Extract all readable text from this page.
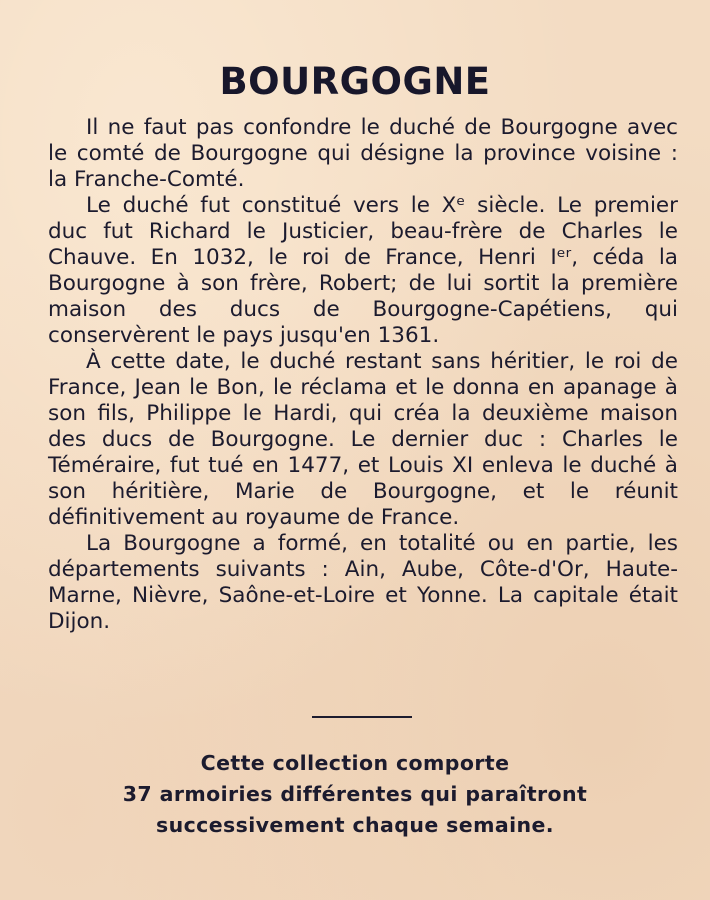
BOURGOGNE

Il ne faut pas confondre le duché de Bourgogne avec le comté de Bourgogne qui désigne la province voisine : la Franche-Comté.

Le duché fut constitué vers le Xᵉ siècle. Le premier duc fut Richard le Justicier, beau-frère de Charles le Chauve. En 1032, le roi de France, Henri Iᵉʳ, céda la Bourgogne à son frère, Robert; de lui sortit la première maison des ducs de Bourgogne-Capétiens, qui conservèrent le pays jusqu'en 1361.

À cette date, le duché restant sans héritier, le roi de France, Jean le Bon, le réclama et le donna en apanage à son fils, Philippe le Hardi, qui créa la deuxième maison des ducs de Bourgogne. Le dernier duc : Charles le Téméraire, fut tué en 1477, et Louis XI enleva le duché à son héritière, Marie de Bourgogne, et le réunit définitivement au royaume de France.

La Bourgogne a formé, en totalité ou en partie, les départements suivants : Ain, Aube, Côte-d'Or, Haute-Marne, Nièvre, Saône-et-Loire et Yonne. La capitale était Dijon.

Cette collection comporte
37 armoiries différentes qui paraîtront
successivement chaque semaine.
